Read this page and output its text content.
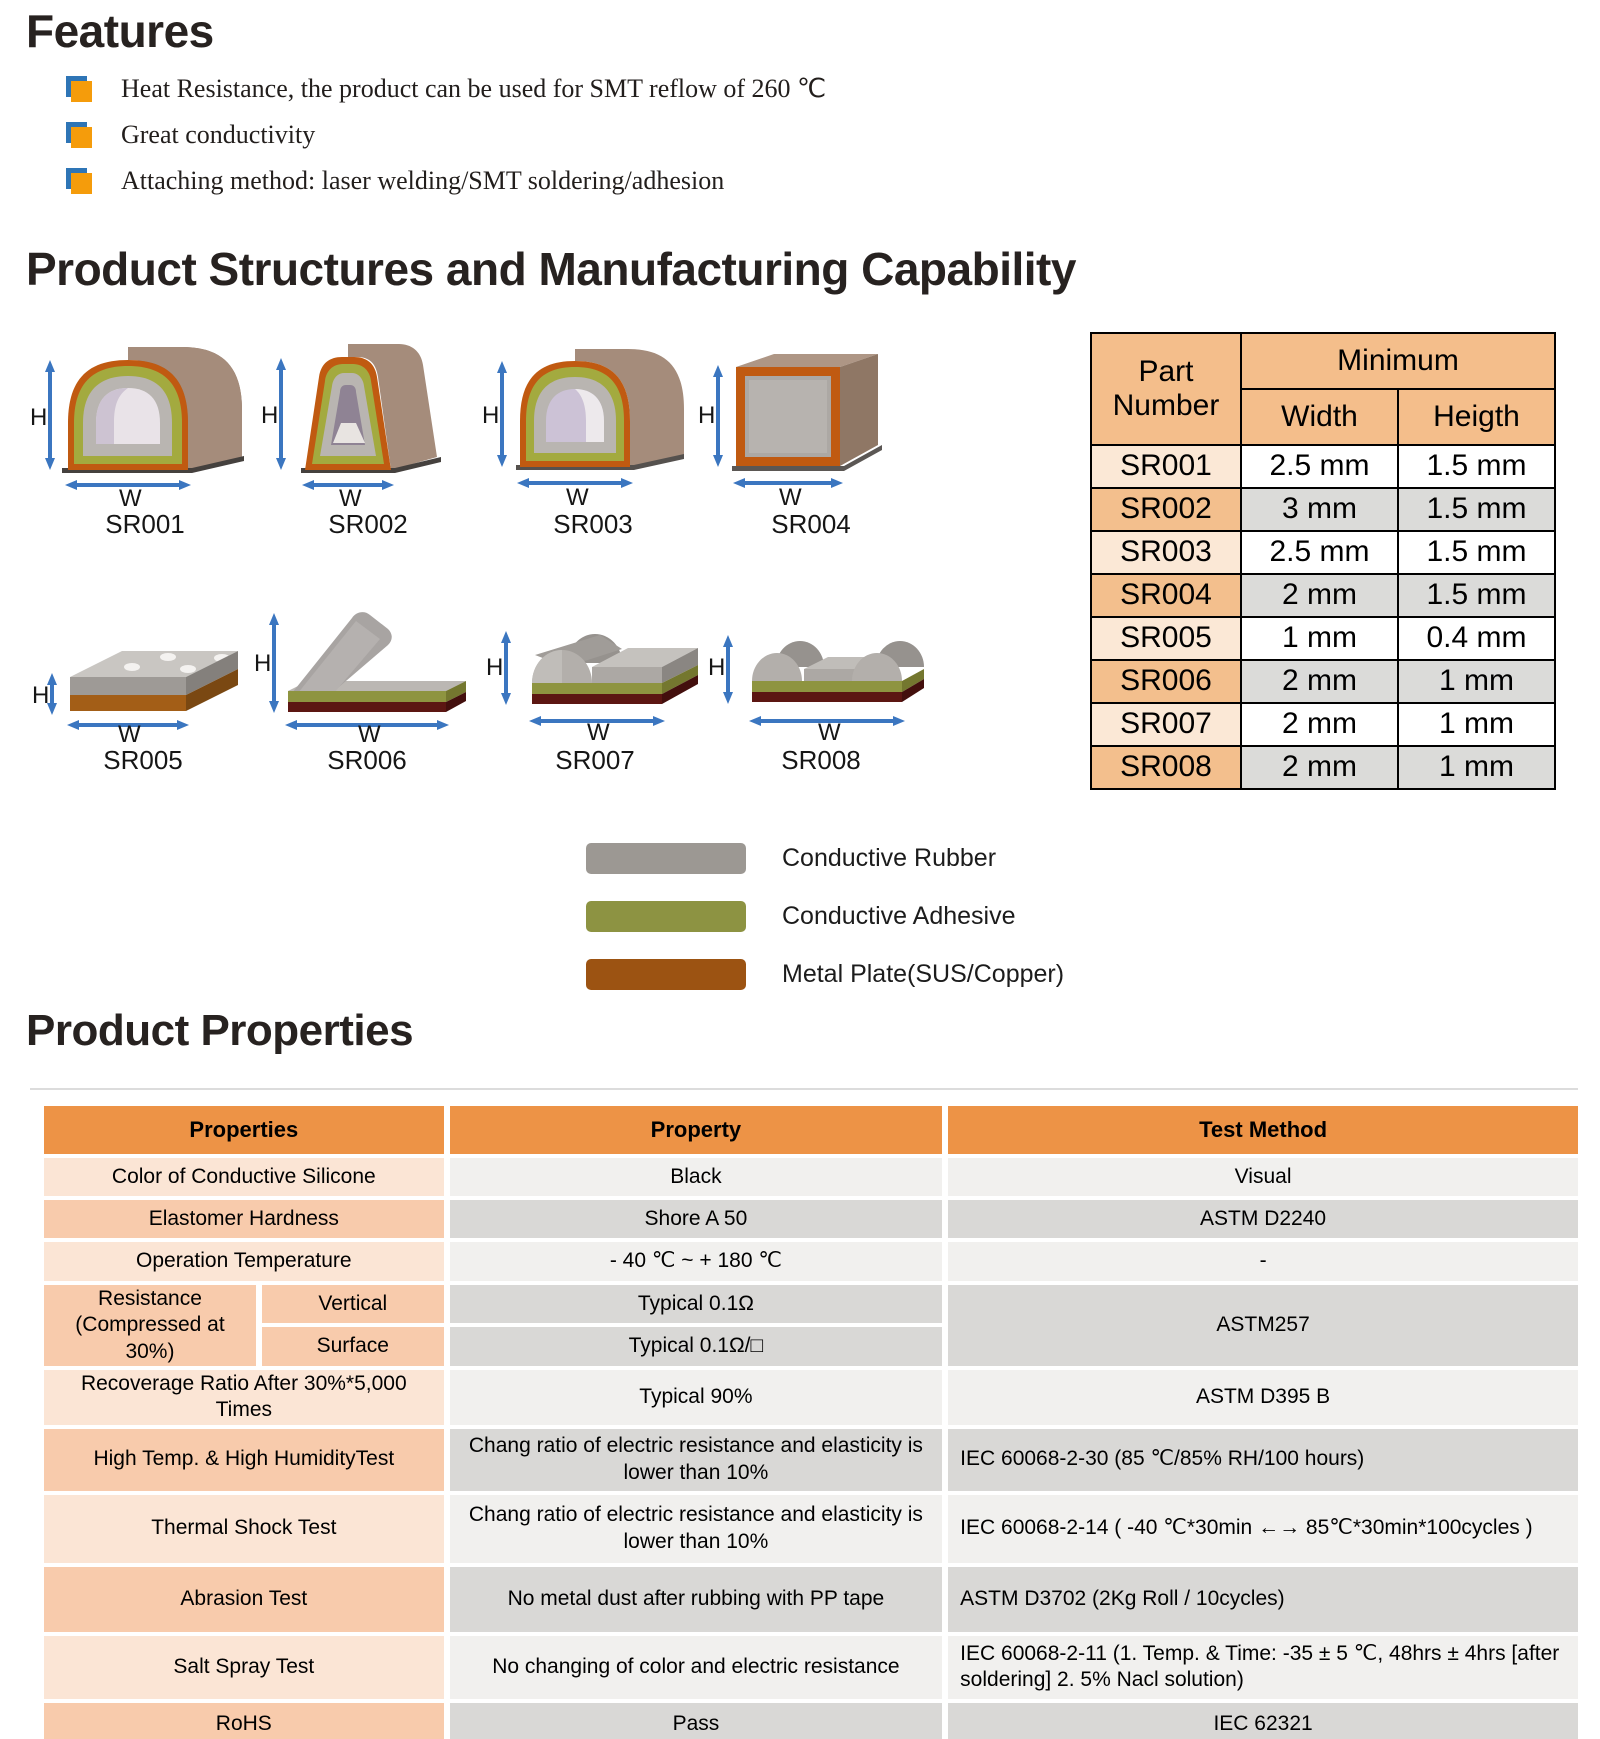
Features
Heat Resistance, the product can be used for SMT reflow of 260 ℃
Great conductivity
Attaching method: laser welding/SMT soldering/adhesion
Product Structures and Manufacturing Capability
H
W
SR001
H
W
SR002
H
W
SR003
H
W
SR004
H
W
SR005
H
W
SR006
H
W
SR007
H
W
SR008
Part Number	Minimum	
	Width	Heigth
SR001	2.5 mm	1.5 mm
SR002	3 mm	1.5 mm
SR003	2.5 mm	1.5 mm
SR004	2 mm	1.5 mm
SR005	1 mm	0.4 mm
SR006	2 mm	1 mm
SR007	2 mm	1 mm
SR008	2 mm	1 mm
Conductive Rubber
Conductive Adhesive
Metal Plate(SUS/Copper)
Product Properties
Properties		Property	Test Method
Color of Conductive Silicone		Black	Visual
Elastomer Hardness		Shore A 50	ASTM D2240
Operation Temperature		- 40 ℃ ~ + 180 ℃	-
Resistance (Compressed at 30%)	Vertical	Typical 0.1Ω	ASTM257
	Surface	Typical 0.1Ω/□	
Recoverage Ratio After 30%*5,000 Times		Typical 90%	ASTM D395 B
High Temp. & High HumidityTest		Chang ratio of electric resistance and elasticity is lower than 10%	IEC 60068-2-30 (85 ℃/85% RH/100 hours)
Thermal Shock Test		Chang ratio of electric resistance and elasticity is lower than 10%	IEC 60068-2-14 ( -40 ℃*30min ←→ 85℃*30min*100cycles )
Abrasion Test		No metal dust after rubbing with PP tape	ASTM D3702 (2Kg Roll / 10cycles)
Salt Spray Test		No changing of color and electric resistance	IEC 60068-2-11 (1. Temp. & Time: -35 ± 5 ℃, 48hrs ± 4hrs [after soldering] 2. 5% Nacl solution)
RoHS		Pass	IEC 62321
